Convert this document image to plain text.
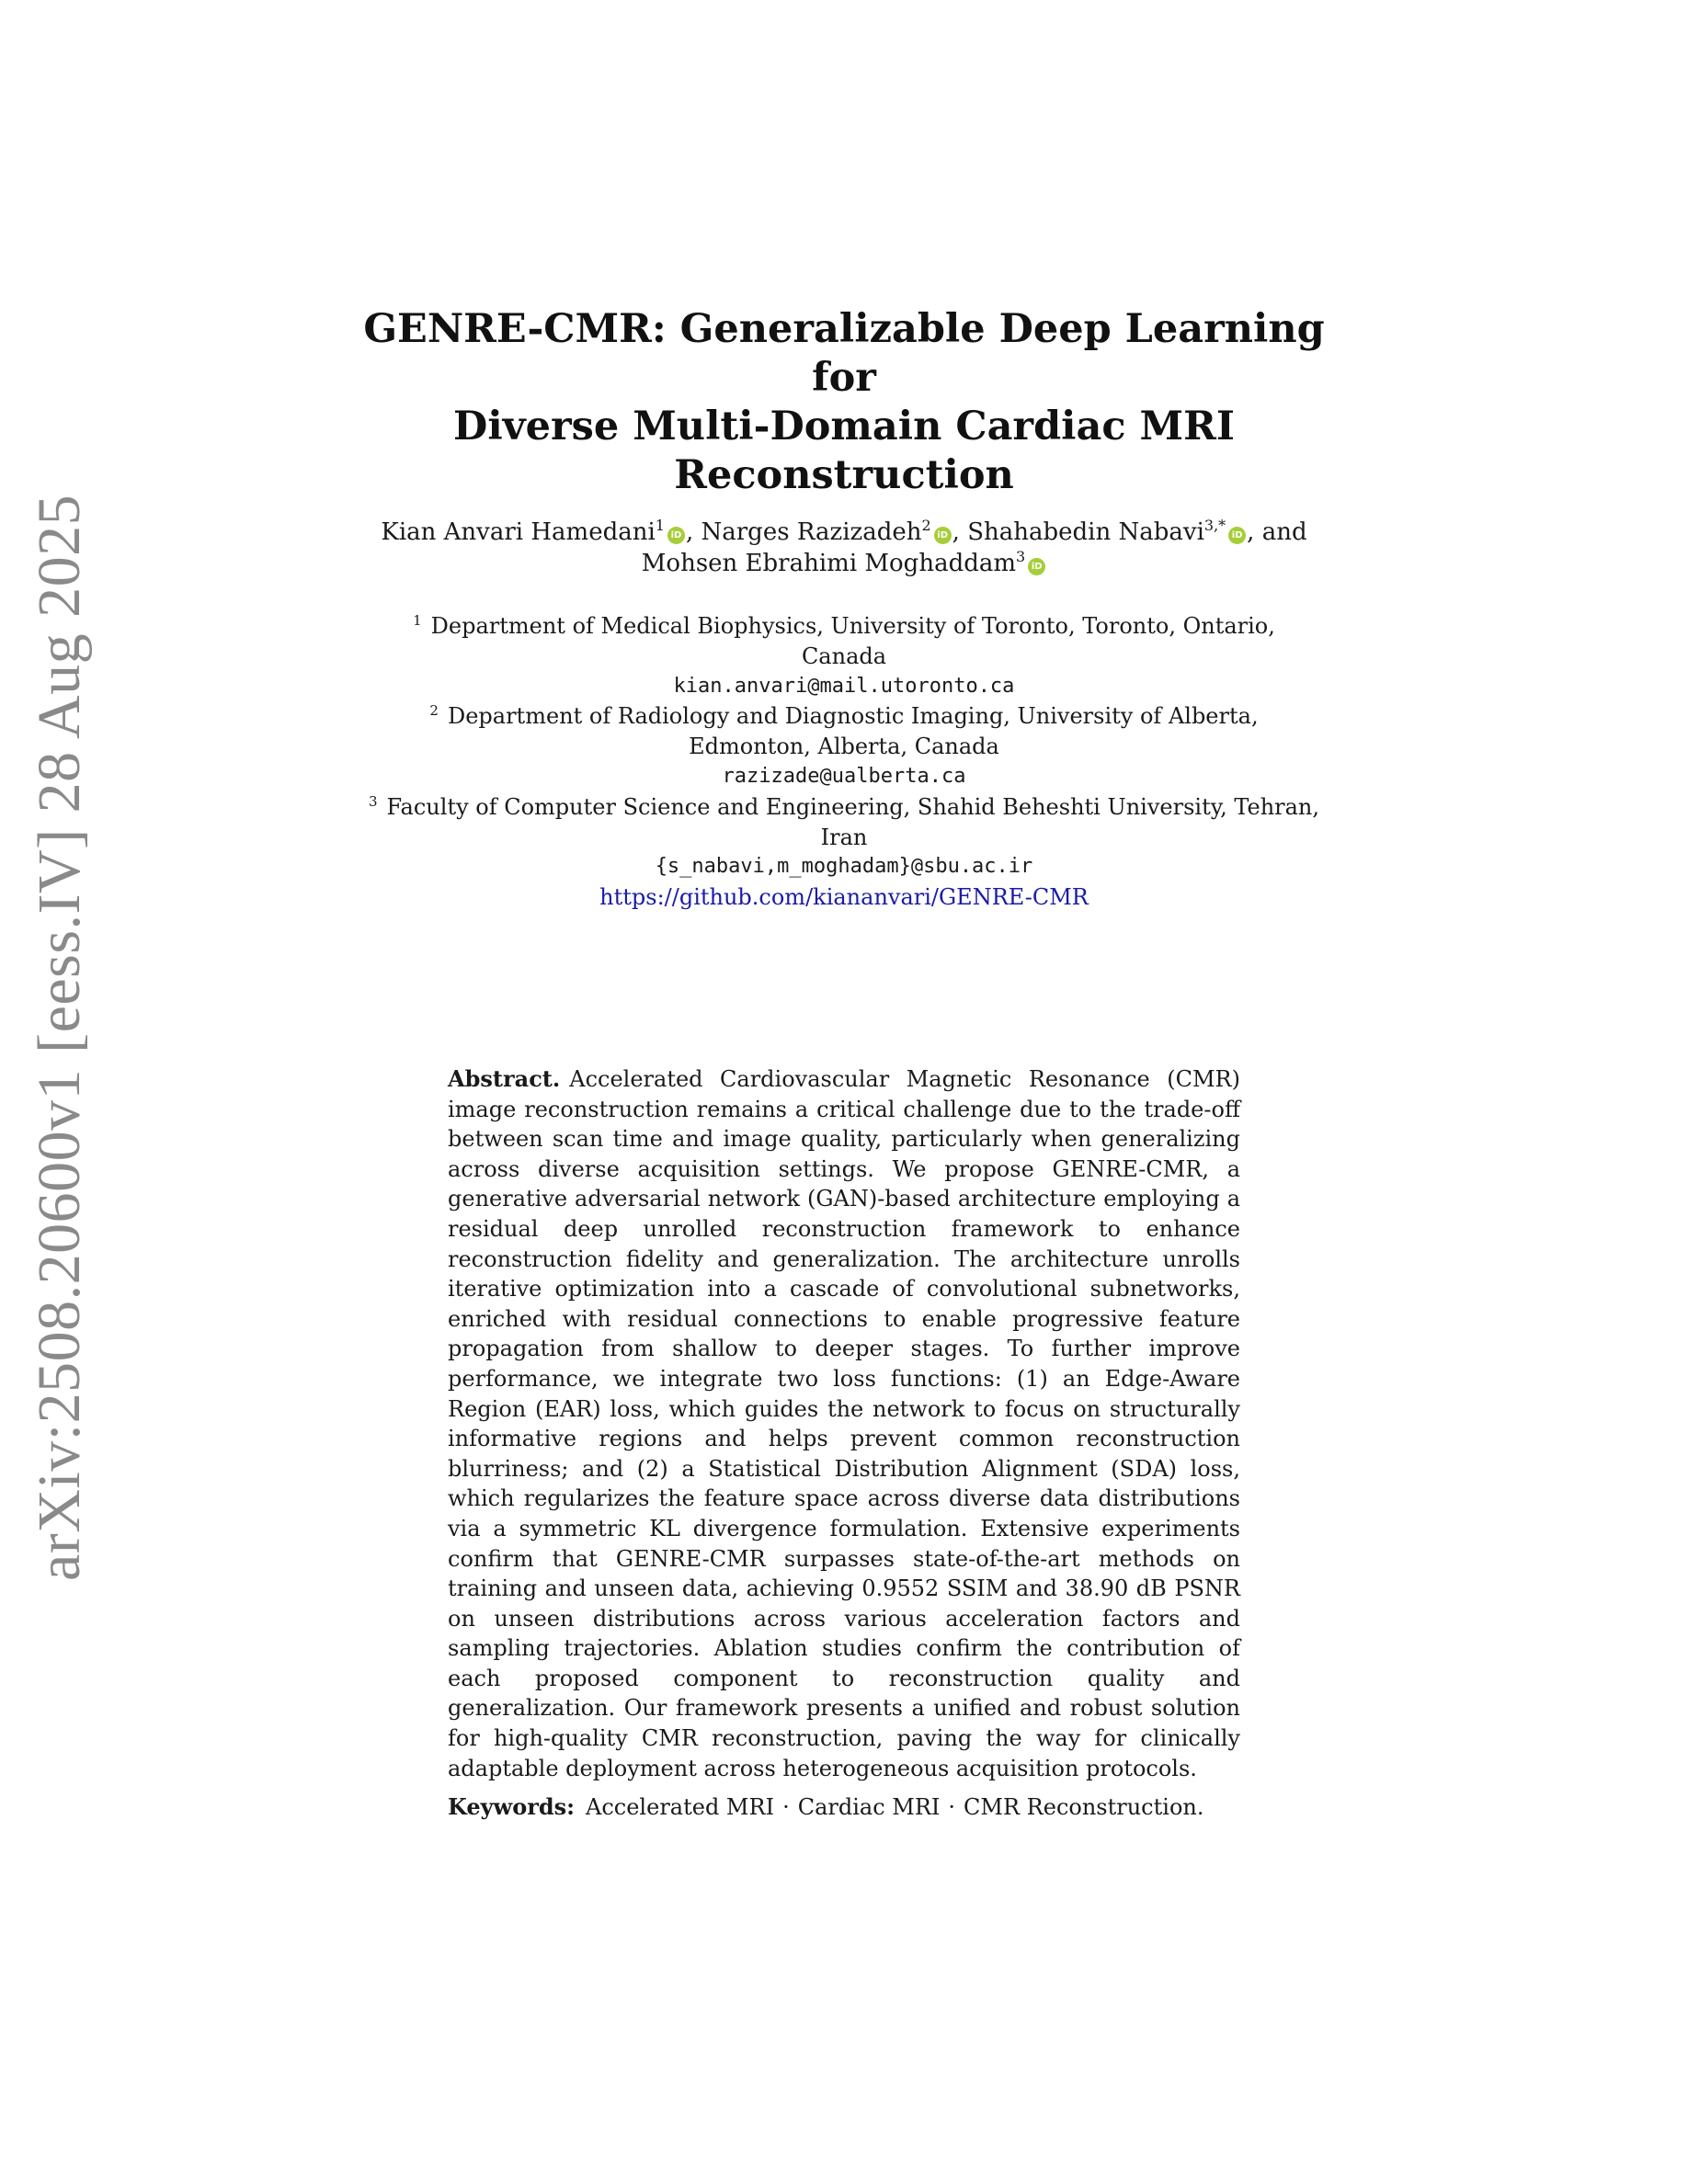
arXiv:2508.20600v1 [eess.IV] 28 Aug 2025
GENRE-CMR: Generalizable Deep Learning for
Diverse Multi-Domain Cardiac MRI
Reconstruction
Kian Anvari Hamedani$^1$iD , Narges Razizadeh$^2$iD , Shahabedin Nabavi$^{3,*}$iD , and
Mohsen Ebrahimi Moghaddam$^3$iD
$^1$ Department of Medical Biophysics, University of Toronto, Toronto, Ontario,
Canada
kian.anvari@mail.utoronto.ca
$^2$ Department of Radiology and Diagnostic Imaging, University of Alberta,
Edmonton, Alberta, Canada
razizade@ualberta.ca
$^3$ Faculty of Computer Science and Engineering, Shahid Beheshti University, Tehran,
Iran
{s_nabavi,m_moghadam}@sbu.ac.ir
https://github.com/kiananvari/GENRE-CMR
Abstract. Accelerated Cardiovascular Magnetic Resonance (CMR) image reconstruction remains a critical challenge due to the trade-off between scan time and image quality, particularly when generalizing across diverse acquisition settings. We propose GENRE-CMR, a generative adversarial network (GAN)-based architecture employing a residual deep unrolled reconstruction framework to enhance reconstruction fidelity and generalization. The architecture unrolls iterative optimization into a cascade of convolutional subnetworks, enriched with residual connections to enable progressive feature propagation from shallow to deeper stages. To further improve performance, we integrate two loss functions: (1) an Edge-Aware Region (EAR) loss, which guides the network to focus on structurally informative regions and helps prevent common reconstruction blurriness; and (2) a Statistical Distribution Alignment (SDA) loss, which regularizes the feature space across diverse data distributions via a symmetric KL divergence formulation. Extensive experiments confirm that GENRE-CMR surpasses state-of-the-art methods on training and unseen data, achieving 0.9552 SSIM and 38.90 dB PSNR on unseen distributions across various acceleration factors and sampling trajectories. Ablation studies confirm the contribution of each proposed component to reconstruction quality and generalization. Our framework presents a unified and robust solution for high-quality CMR reconstruction, paving the way for clinically adaptable deployment across heterogeneous acquisition protocols.
Keywords: Accelerated MRI · Cardiac MRI · CMR Reconstruction.
